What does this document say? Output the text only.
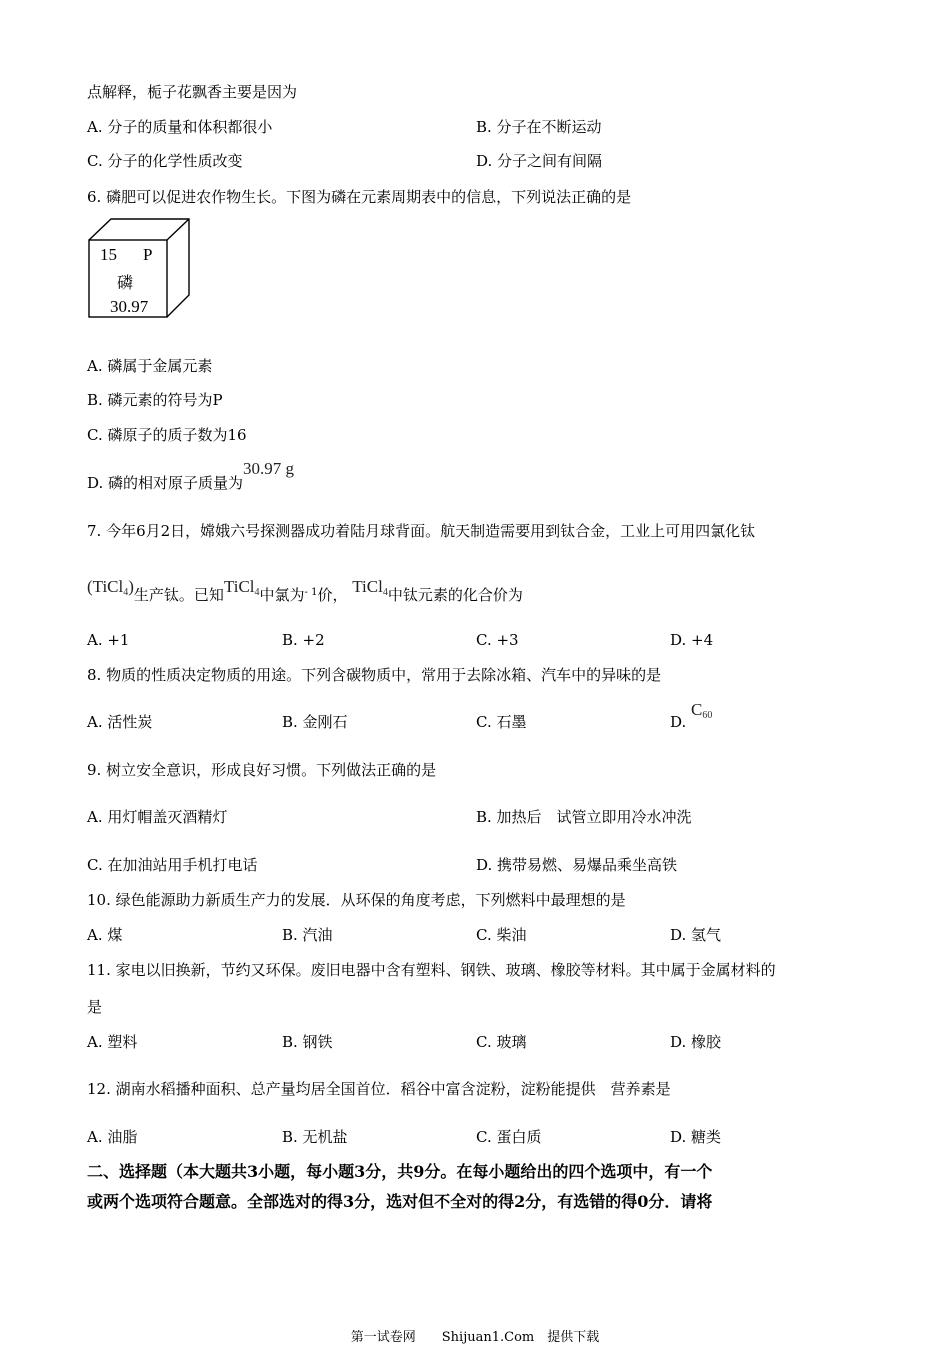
点解释，栀子花飘香主要是因为
A. 分子的质量和体积都很小	B. 分子在不断运动
C. 分子的化学性质改变	D. 分子之间有间隔
6. 磷肥可以促进农作物生长。下图为磷在元素周期表中的信息，下列说法正确的是
15 P
磷
30.97
A. 磷属于金属元素
B. 磷元素的符号为P
C. 磷原子的质子数为16
D. 磷的相对原子质量为30.97 g
7. 今年6月2日，嫦娥六号探测器成功着陆月球背面。航天制造需要用到钛合金，工业上可用四氯化钛
(TiCl$_4$)生产钛。已知TiCl$_4$中氯为$^{- 1}$价， TiCl$_4$中钛元素的化合价为
A. +1	B. +2	C. +3	D. +4
8. 物质的性质决定物质的用途。下列含碳物质中，常用于去除冰箱、汽车中的异味的是
A. 活性炭	B. 金刚石	C. 石墨	D. $C_{60}$
9. 树立安全意识，形成良好习惯。下列做法正确的是
A. 用灯帽盖灭酒精灯	B. 加热后　试管立即用冷水冲洗
C. 在加油站用手机打电话	D. 携带易燃、易爆品乘坐高铁
10. 绿色能源助力新质生产力的发展．从环保的角度考虑，下列燃料中最理想的是
A. 煤	B. 汽油	C. 柴油	D. 氢气
11. 家电以旧换新，节约又环保。废旧电器中含有塑料、钢铁、玻璃、橡胶等材料。其中属于金属材料的
是
A. 塑料	B. 钢铁	C. 玻璃	D. 橡胶
12. 湖南水稻播种面积、总产量均居全国首位．稻谷中富含淀粉，淀粉能提供　营养素是
A. 油脂	B. 无机盐	C. 蛋白质	D. 糖类
二、选择题（本大题共3小题，每小题3分，共9分。在每小题给出的四个选项中，有一个
或两个选项符合题意。全部选对的得3分，选对但不全对的得2分，有选错的得0分．请将
第一试卷网　　Shijuan1.Com　提供下载
